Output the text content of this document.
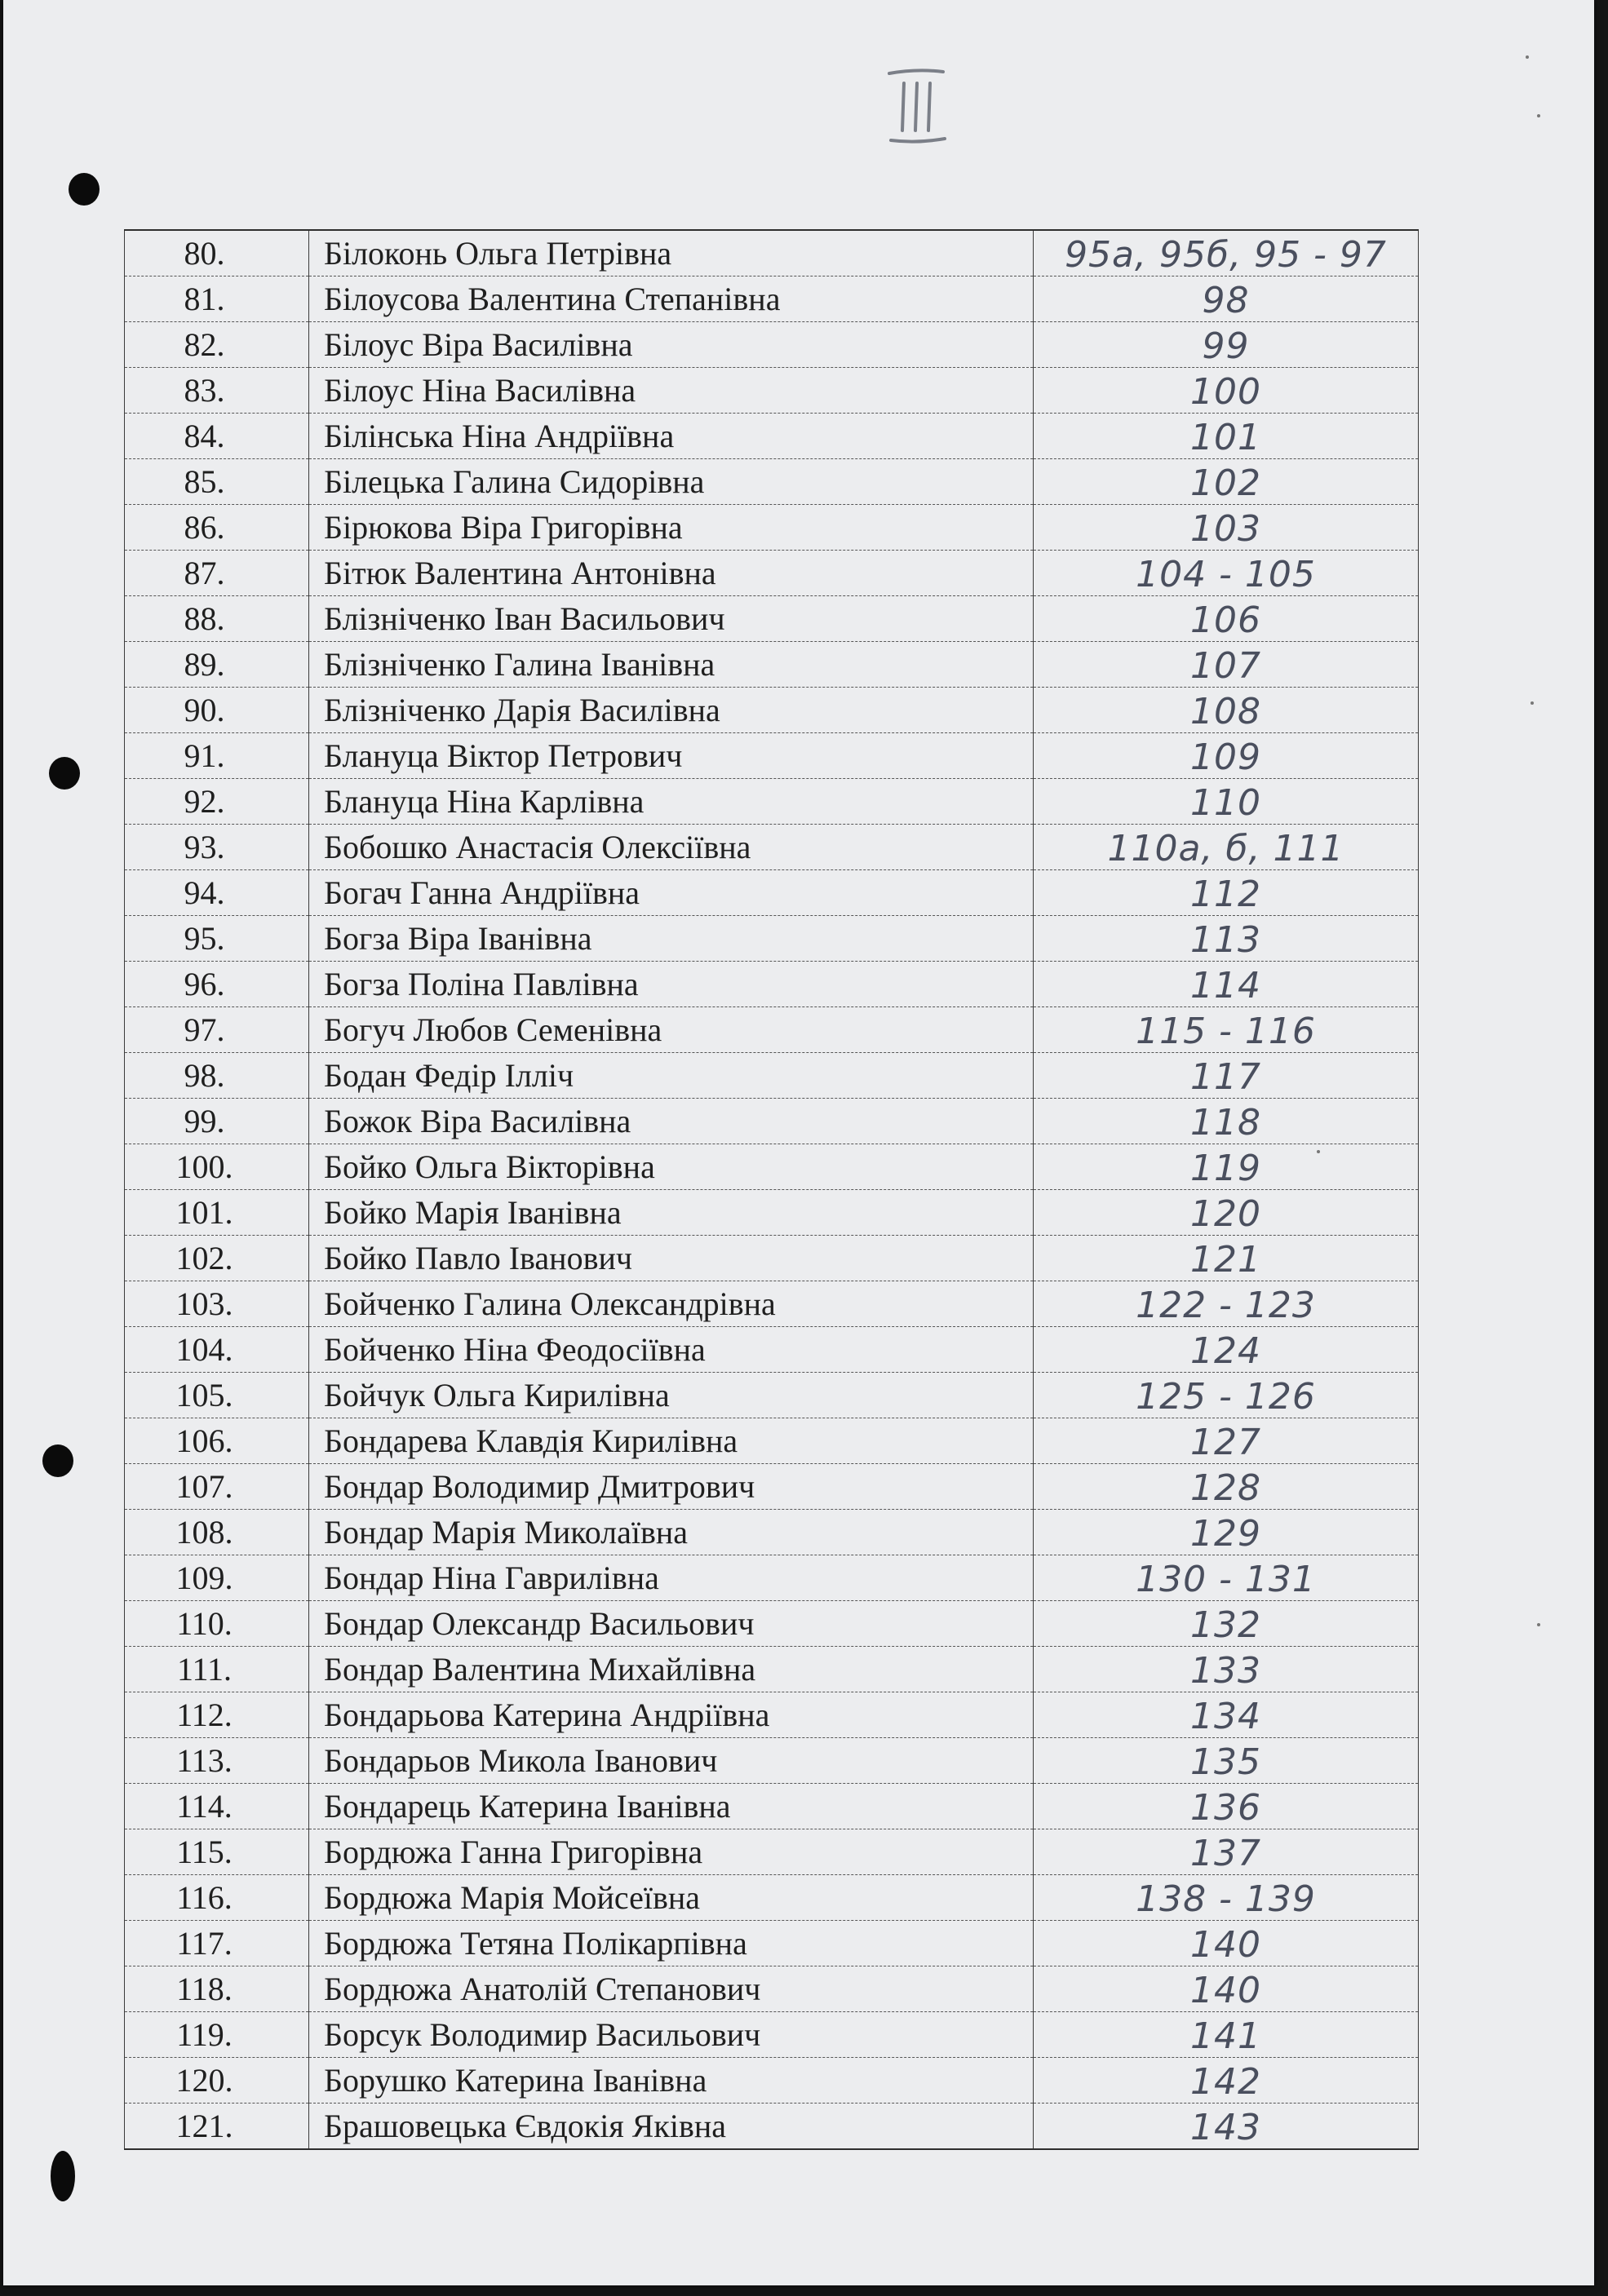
80.	Білоконь Ольга Петрівна	95а, 95б, 95 - 97
81.	Білоусова Валентина Степанівна	98
82.	Білоус Віра Василівна	99
83.	Білоус Ніна Василівна	100
84.	Білінська Ніна Андріївна	101
85.	Білецька Галина Сидорівна	102
86.	Бірюкова Віра Григорівна	103
87.	Бітюк Валентина Антонівна	104 - 105
88.	Блізніченко Іван Васильович	106
89.	Блізніченко Галина Іванівна	107
90.	Блізніченко Дарія Василівна	108
91.	Блануца Віктор Петрович	109
92.	Блануца Ніна Карлівна	110
93.	Бобошко Анастасія Олексіївна	110а, б, 111
94.	Богач Ганна Андріївна	112
95.	Богза Віра Іванівна	113
96.	Богза Поліна Павлівна	114
97.	Богуч Любов Семенівна	115 - 116
98.	Бодан Федір Ілліч	117
99.	Божок Віра Василівна	118
100.	Бойко Ольга Вікторівна	119
101.	Бойко Марія Іванівна	120
102.	Бойко Павло Іванович	121
103.	Бойченко Галина Олександрівна	122 - 123
104.	Бойченко Ніна Феодосіївна	124
105.	Бойчук Ольга Кирилівна	125 - 126
106.	Бондарева Клавдія Кирилівна	127
107.	Бондар Володимир Дмитрович	128
108.	Бондар Марія Миколаївна	129
109.	Бондар Ніна Гаврилівна	130 - 131
110.	Бондар Олександр Васильович	132
111.	Бондар Валентина Михайлівна	133
112.	Бондарьова Катерина Андріївна	134
113.	Бондарьов Микола Іванович	135
114.	Бондарець Катерина Іванівна	136
115.	Бордюжа Ганна Григорівна	137
116.	Бордюжа Марія Мойсеївна	138 - 139
117.	Бордюжа Тетяна Полікарпівна	140
118.	Бордюжа Анатолій Степанович	140
119.	Борсук Володимир Васильович	141
120.	Борушко Катерина Іванівна	142
121.	Брашовецька Євдокія Яківна	143
